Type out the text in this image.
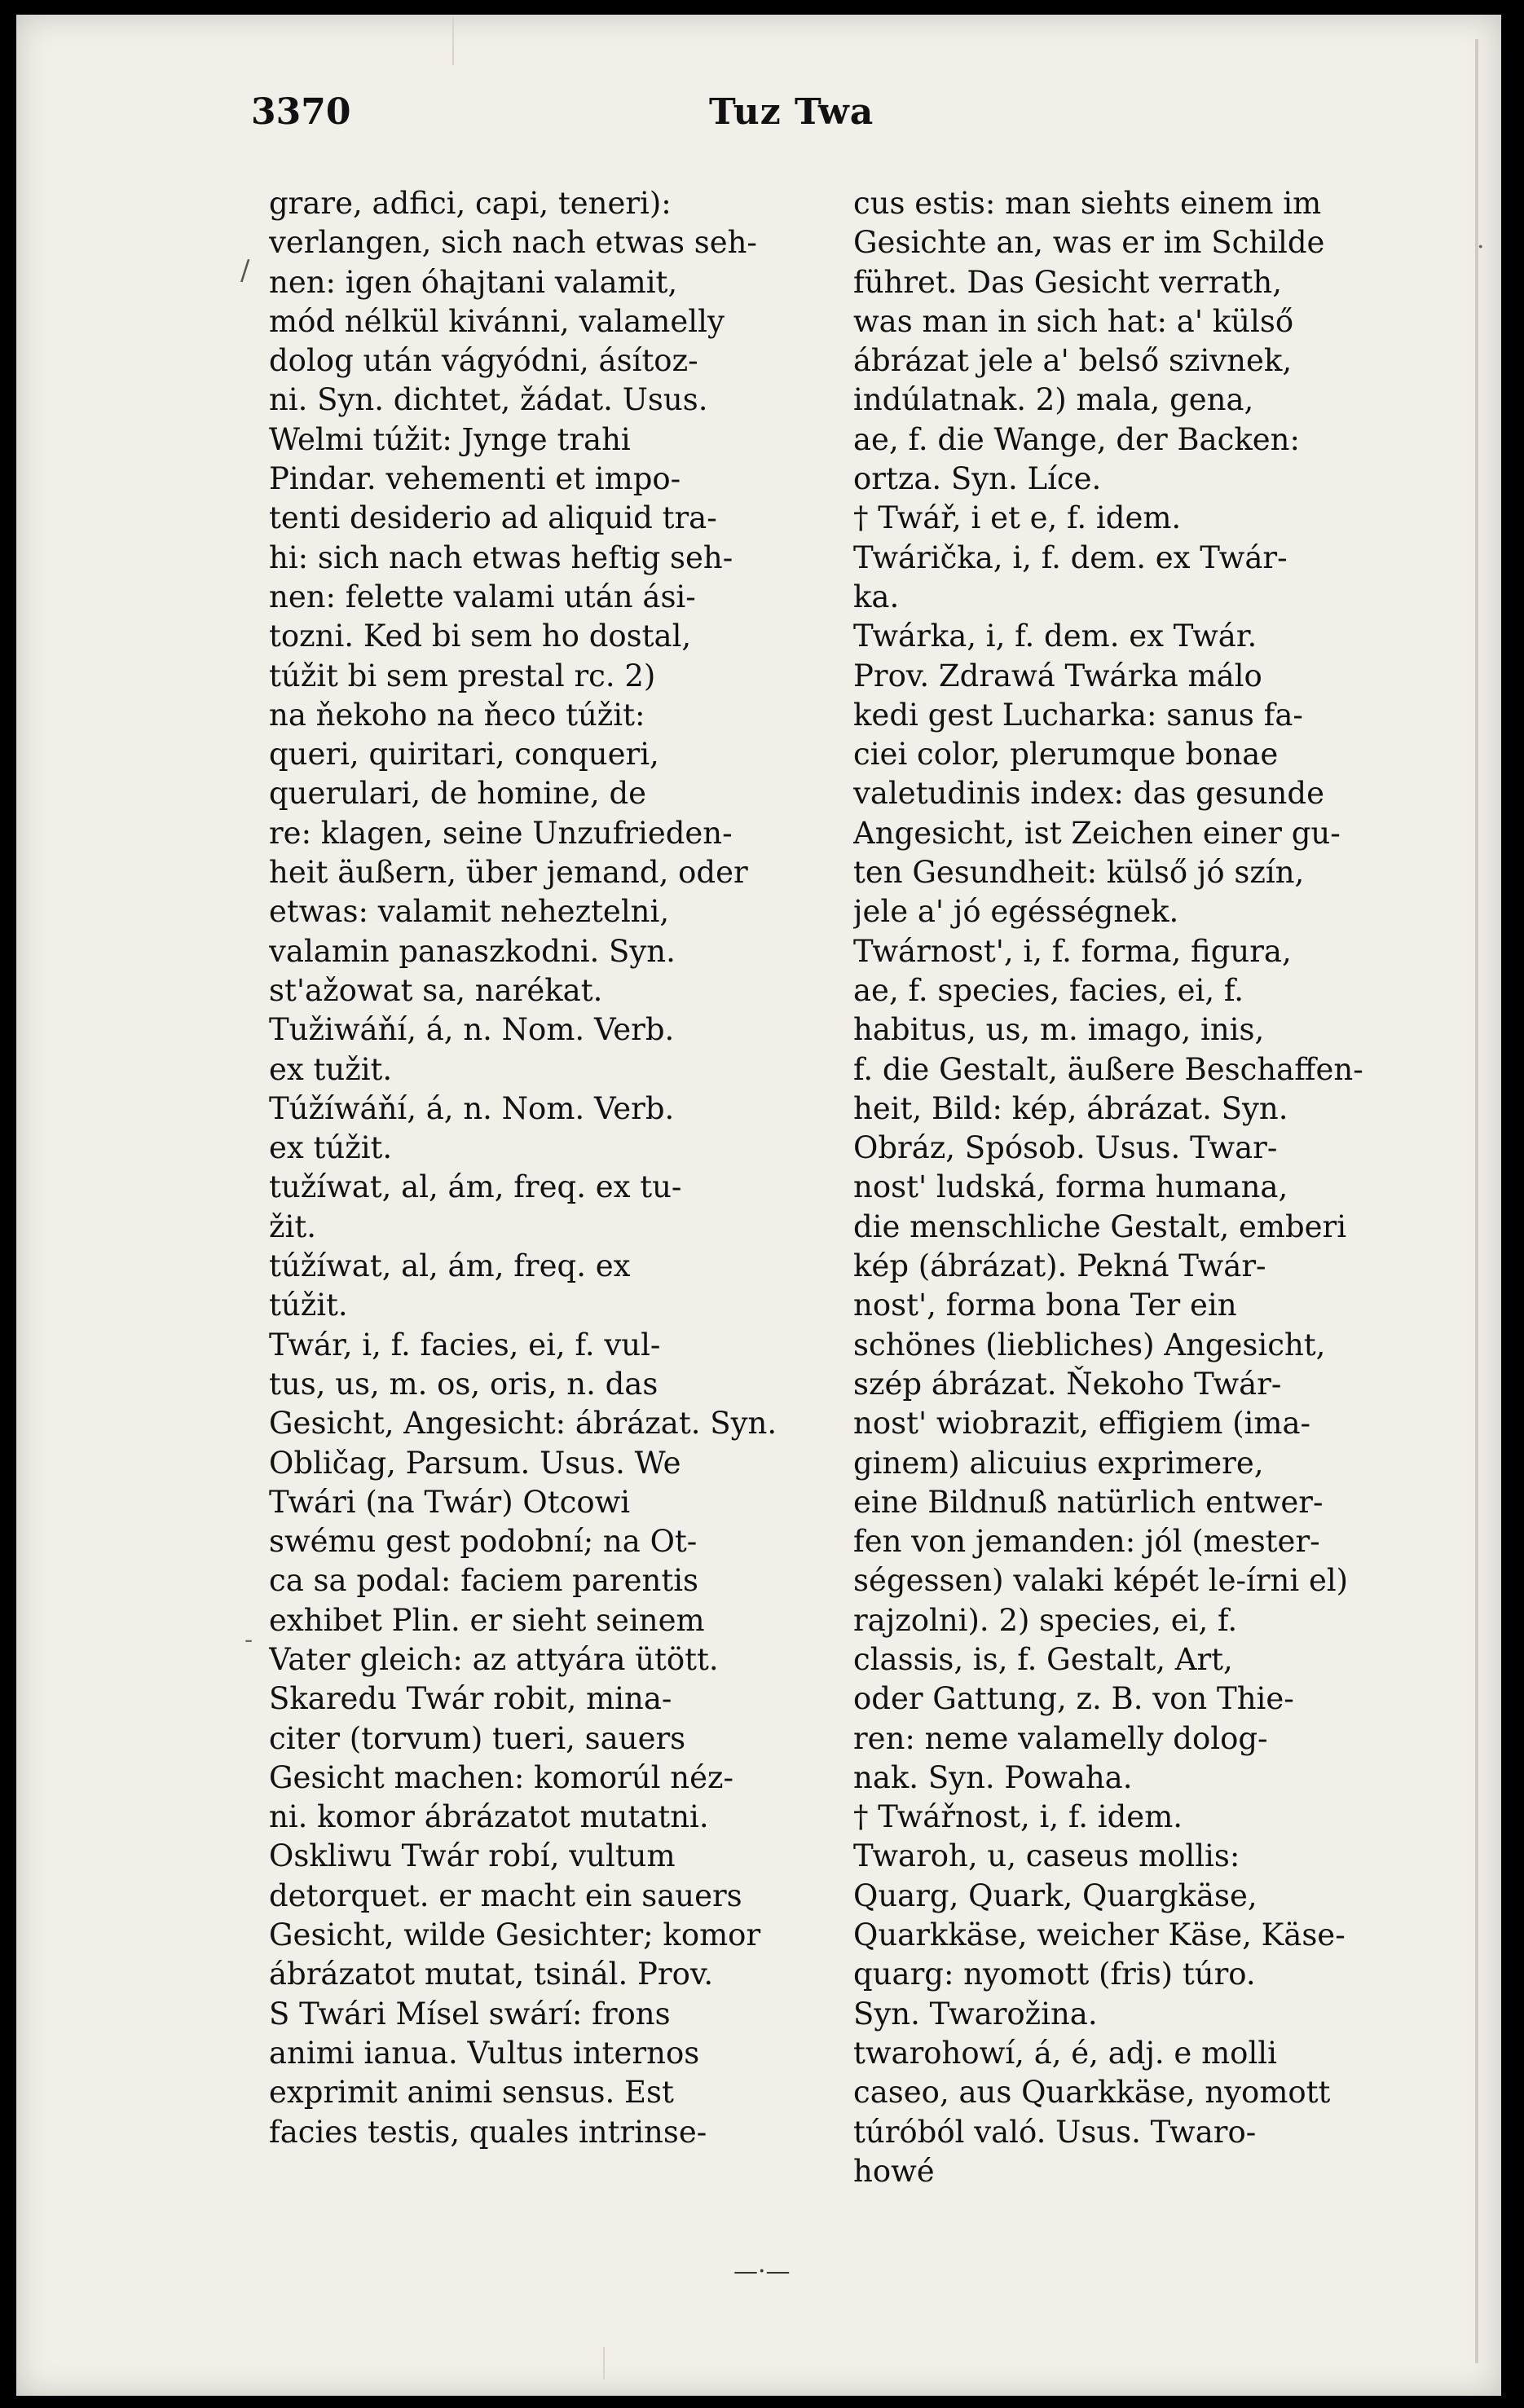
3370	Tuz Twa
/
-
·
grare, adfici, capi, teneri):
verlangen, sich nach etwas seh-
nen: igen óhajtani valamit,
mód nélkül kivánni, valamelly
dolog után vágyódni, ásítoz-
ni. Syn. dichtet, žádat. Usus.
Welmi túžit: Jynge trahi
Pindar. vehementi et impo-
tenti desiderio ad aliquid tra-
hi: sich nach etwas heftig seh-
nen: felette valami után ási-
tozni. Ked bi sem ho dostal,
túžit bi sem prestal rc. 2)
na ňekoho na ňeco túžit:
queri, quiritari, conqueri,
querulari, de homine, de
re: klagen, seine Unzufrieden-
heit äußern, über jemand, oder
etwas: valamit neheztelni,
valamin panaszkodni. Syn.
st'ažowat sa, narékat.
Tužiwáňí, á, n. Nom. Verb.
ex tužit.
Túžíwáňí, á, n. Nom. Verb.
ex túžit.
tužíwat, al, ám, freq. ex tu-
žit.
túžíwat, al, ám, freq. ex
túžit.
Twár, i, f. facies, ei, f. vul-
tus, us, m. os, oris, n. das
Gesicht, Angesicht: ábrázat. Syn.
Obličag, Parsum. Usus. We
Twári (na Twár) Otcowi
swému gest podobní; na Ot-
ca sa podal: faciem parentis
exhibet Plin. er sieht seinem
Vater gleich: az attyára ütött.
Skaredu Twár robit, mina-
citer (torvum) tueri, sauers
Gesicht machen: komorúl néz-
ni. komor ábrázatot mutatni.
Oskliwu Twár robí, vultum
detorquet. er macht ein sauers
Gesicht, wilde Gesichter; komor
ábrázatot mutat, tsinál. Prov.
S Twári Mísel swárí: frons
animi ianua. Vultus internos
exprimit animi sensus. Est
facies testis, quales intrinse-
cus estis: man siehts einem im
Gesichte an, was er im Schilde
führet. Das Gesicht verrath,
was man in sich hat: a' külső
ábrázat jele a' belső szivnek,
indúlatnak. 2) mala, gena,
ae, f. die Wange, der Backen:
ortza. Syn. Líce.
† Twář, i et e, f. idem.
Twárička, i, f. dem. ex Twár-
ka.
Twárka, i, f. dem. ex Twár.
Prov. Zdrawá Twárka málo
kedi gest Lucharka: sanus fa-
ciei color, plerumque bonae
valetudinis index: das gesunde
Angesicht, ist Zeichen einer gu-
ten Gesundheit: külső jó szín,
jele a' jó egésségnek.
Twárnost', i, f. forma, figura,
ae, f. species, facies, ei, f.
habitus, us, m. imago, inis,
f. die Gestalt, äußere Beschaffen-
heit, Bild: kép, ábrázat. Syn.
Obráz, Spósob. Usus. Twar-
nost' ludská, forma humana,
die menschliche Gestalt, emberi
kép (ábrázat). Pekná Twár-
nost', forma bona Ter ein
schönes (liebliches) Angesicht,
szép ábrázat. Ňekoho Twár-
nost' wiobrazit, effigiem (ima-
ginem) alicuius exprimere,
eine Bildnuß natürlich entwer-
fen von jemanden: jól (mester-
ségessen) valaki képét le-írni el)
rajzolni). 2) species, ei, f.
classis, is, f. Gestalt, Art,
oder Gattung, z. B. von Thie-
ren: neme valamelly dolog-
nak. Syn. Powaha.
† Twářnost, i, f. idem.
Twaroh, u, caseus mollis:
Quarg, Quark, Quargkäse,
Quarkkäse, weicher Käse, Käse-
quarg: nyomott (fris) túro.
Syn. Twarožina.
twarohowí, á, é, adj. e molli
caseo, aus Quarkkäse, nyomott
túróból való. Usus. Twaro-
howé
—·—
